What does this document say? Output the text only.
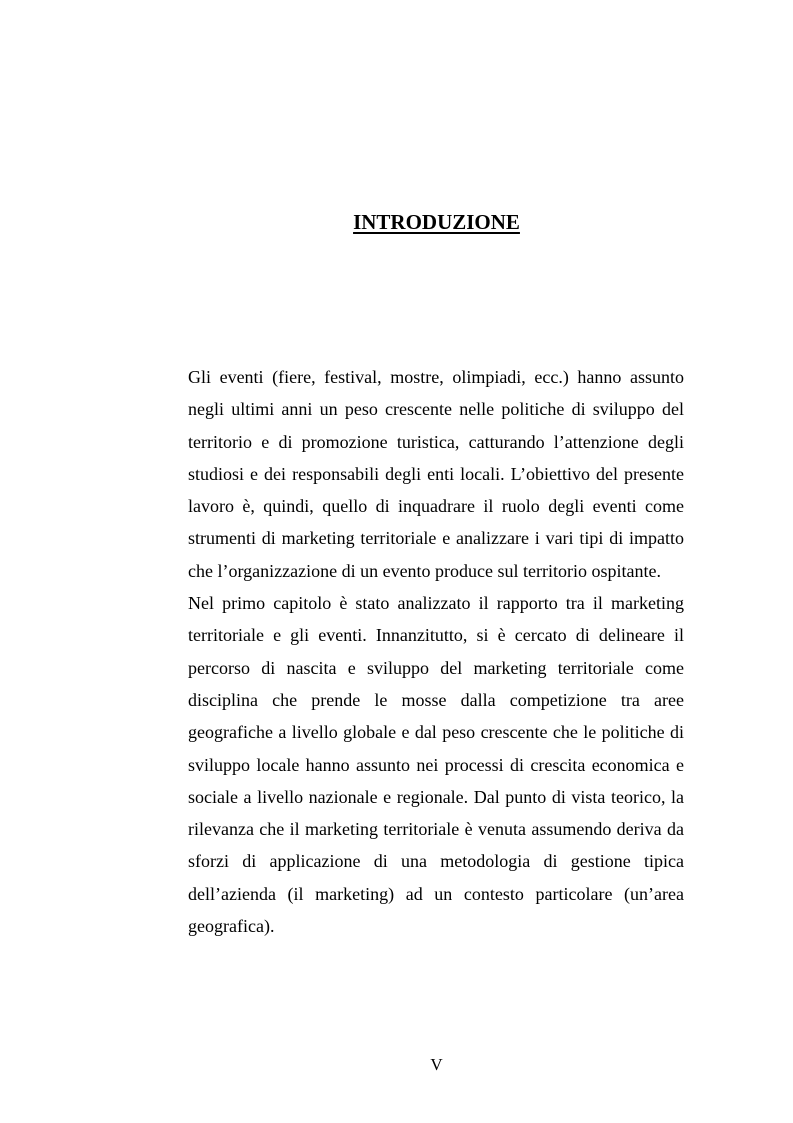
INTRODUZIONE

Gli eventi (fiere, festival, mostre, olimpiadi, ecc.) hanno assunto negli ultimi anni un peso crescente nelle politiche di sviluppo del territorio e di promozione turistica, catturando l’attenzione degli studiosi e dei responsabili degli enti locali. L’obiettivo del presente lavoro è, quindi, quello di inquadrare il ruolo degli eventi come strumenti di marketing territoriale e analizzare i vari tipi di impatto che l’organizzazione di un evento produce sul territorio ospitante.

Nel primo capitolo è stato analizzato il rapporto tra il marketing territoriale e gli eventi. Innanzitutto, si è cercato di delineare il percorso di nascita e sviluppo del marketing territoriale come disciplina che prende le mosse dalla competizione tra aree geografiche a livello globale e dal peso crescente che le politiche di sviluppo locale hanno assunto nei processi di crescita economica e sociale a livello nazionale e regionale. Dal punto di vista teorico, la rilevanza che il marketing territoriale è venuta assumendo deriva da sforzi di applicazione di una metodologia di gestione tipica dell’azienda (il marketing) ad un contesto particolare (un’area geografica).

V
